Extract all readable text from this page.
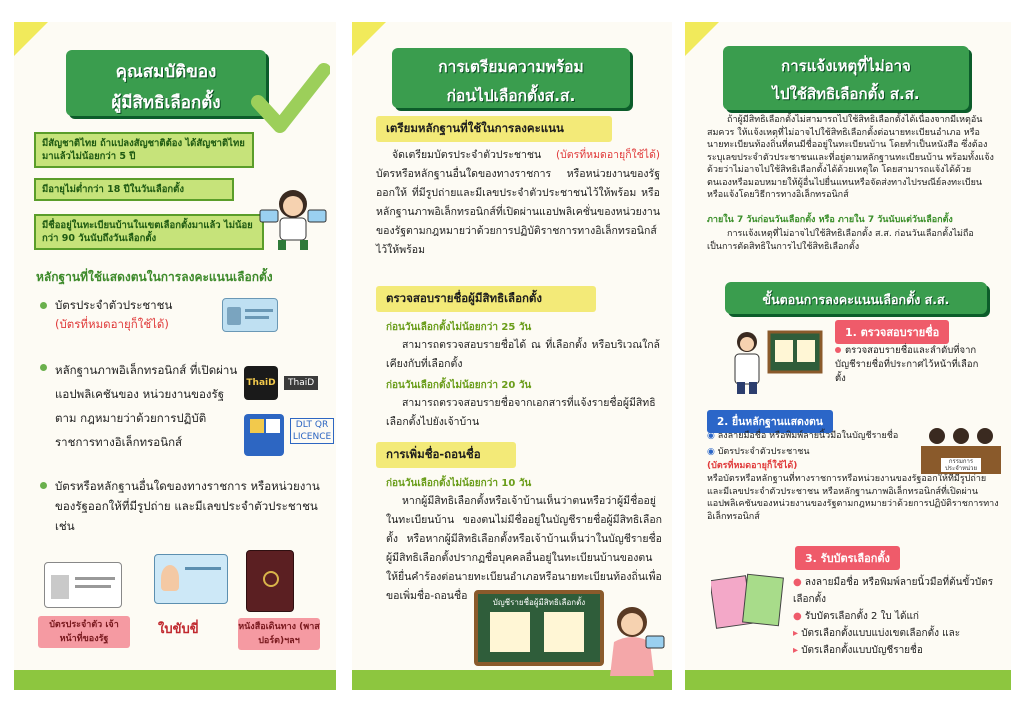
คุณสมบัติของ
ผู้มีสิทธิเลือกตั้ง
มีสัญชาติไทย ถ้าแปลงสัญชาติต้อง ได้สัญชาติไทยมาแล้วไม่น้อยกว่า 5 ปี
มีอายุไม่ต่ำกว่า 18 ปีในวันเลือกตั้ง
มีชื่ออยู่ในทะเบียนบ้านในเขตเลือกตั้งมาแล้ว ไม่น้อยกว่า 90 วันนับถึงวันเลือกตั้ง
หลักฐานที่ใช้แสดงตนในการลงคะแนนเลือกตั้ง
บัตรประจำตัวประชาชน
(บัตรที่หมดอายุก็ใช้ได้)
หลักฐานภาพอิเล็กทรอนิกส์ ที่เปิดผ่านแอปพลิเคชันของ หน่วยงานของรัฐตาม กฎหมายว่าด้วยการปฏิบัติ ราชการทางอิเล็กทรอนิกส์
ThaiD	ThaiD
DLT QR LICENCE
บัตรหรือหลักฐานอื่นใดของทางราชการ หรือหน่วยงานของรัฐออกให้ที่มีรูปถ่าย และมีเลขประจำตัวประชาชน เช่น
บัตรประจำตัว เจ้าหน้าที่ของรัฐ
ใบขับขี่	หนังสือเดินทาง (พาสปอร์ต)ฯลฯ
การเตรียมความพร้อม
ก่อนไปเลือกตั้งส.ส.
เตรียมหลักฐานที่ใช้ในการลงคะแนน
จัดเตรียมบัตรประจำตัวประชาชน (บัตรที่หมดอายุก็ใช้ได้) บัตรหรือหลักฐานอื่นใดของทางราชการ หรือหน่วยงานของรัฐออกให้ ที่มีรูปถ่ายและมีเลขประจำตัวประชาชนไว้ให้พร้อม หรือหลักฐานภาพอิเล็กทรอนิกส์ที่เปิดผ่านแอปพลิเคชั่นของหน่วยงานของรัฐตามกฎหมายว่าด้วยการปฏิบัติราชการทางอิเล็กทรอนิกส์ไว้ให้พร้อม
ตรวจสอบรายชื่อผู้มีสิทธิเลือกตั้ง
ก่อนวันเลือกตั้งไม่น้อยกว่า 25 วัน
สามารถตรวจสอบรายชื่อได้ ณ ที่เลือกตั้ง หรือบริเวณใกล้เคียงกับที่เลือกตั้ง
ก่อนวันเลือกตั้งไม่น้อยกว่า 20 วัน
สามารถตรวจสอบรายชื่อจากเอกสารที่แจ้งรายชื่อผู้มีสิทธิเลือกตั้งไปยังเจ้าบ้าน
การเพิ่มชื่อ-ถอนชื่อ
ก่อนวันเลือกตั้งไม่น้อยกว่า 10 วัน
หากผู้มีสิทธิเลือกตั้งหรือเจ้าบ้านเห็นว่าตนหรือว่าผู้มีชื่ออยู่ในทะเบียนบ้าน ของตนไม่มีชื่ออยู่ในบัญชีรายชื่อผู้มีสิทธิเลือกตั้ง หรือหากผู้มีสิทธิเลือกตั้งหรือเจ้าบ้านเห็นว่าในบัญชีรายชื่อผู้มีสิทธิเลือกตั้งปรากฏชื่อบุคคลอื่นอยู่ในทะเบียนบ้านของตนให้ยื่นคำร้องต่อนายทะเบียนอำเภอหรือนายทะเบียนท้องถิ่นเพื่อขอเพิ่มชื่อ-ถอนชื่อ
บัญชีรายชื่อผู้มีสิทธิเลือกตั้ง
การแจ้งเหตุที่ไม่อาจ
ไปใช้สิทธิเลือกตั้ง ส.ส.
ถ้าผู้มีสิทธิเลือกตั้งไม่สามารถไปใช้สิทธิเลือกตั้งได้เนื่องจากมีเหตุอันสมควร ให้แจ้งเหตุที่ไม่อาจไปใช้สิทธิเลือกตั้งต่อนายทะเบียนอำเภอ หรือนายทะเบียนท้องถิ่นที่ตนมีชื่ออยู่ในทะเบียนบ้าน โดยทำเป็นหนังสือ ซึ่งต้องระบุเลขประจำตัวประชาชนและที่อยู่ตามหลักฐานทะเบียนบ้าน พร้อมทั้งแจ้งด้วยว่าไม่อาจไปใช้สิทธิเลือกตั้งได้ด้วยเหตุใด โดยสามารถแจ้งได้ด้วยตนเองหรือมอบหมายให้ผู้อื่นไปยื่นแทนหรือจัดส่งทางไปรษณีย์ลงทะเบียน หรือแจ้งโดยวิธีการทางอิเล็กทรอนิกส์
ภายใน 7 วันก่อนวันเลือกตั้ง หรือ ภายใน 7 วันนับแต่วันเลือกตั้ง
การแจ้งเหตุที่ไม่อาจไปใช้สิทธิเลือกตั้ง ส.ส. ก่อนวันเลือกตั้งไม่ถือเป็นการตัดสิทธิในการไปใช้สิทธิเลือกตั้ง
ขั้นตอนการลงคะแนนเลือกตั้ง ส.ส.
1. ตรวจสอบรายชื่อ
ตรวจสอบรายชื่อและลำดับที่จากบัญชีรายชื่อที่ประกาศไว้หน้าที่เลือกตั้ง
2. ยื่นหลักฐานแสดงตน
◉ ลงลายมือชื่อ หรือพิมพ์ลายนิ้วมือในบัญชีรายชื่อ
◉ บัตรประจำตัวประชาชน
(บัตรที่หมดอายุก็ใช้ได้)
หรือบัตรหรือหลักฐานที่ทางราชการหรือหน่วยงานของรัฐออกให้ที่มีรูปถ่ายและมีเลขประจำตัวประชาชน หรือหลักฐานภาพอิเล็กทรอนิกส์ที่เปิดผ่านแอปพลิเคชันของหน่วยงานของรัฐตามกฎหมายว่าด้วยการปฏิบัติราชการทางอิเล็กทรอนิกส์
กรรมการประจำหน่วย
3. รับบัตรเลือกตั้ง
● ลงลายมือชื่อ หรือพิมพ์ลายนิ้วมือที่ต้นขั้วบัตรเลือกตั้ง
● รับบัตรเลือกตั้ง 2 ใบ ได้แก่
▸ บัตรเลือกตั้งแบบแบ่งเขตเลือกตั้ง และ
▸ บัตรเลือกตั้งแบบบัญชีรายชื่อ
